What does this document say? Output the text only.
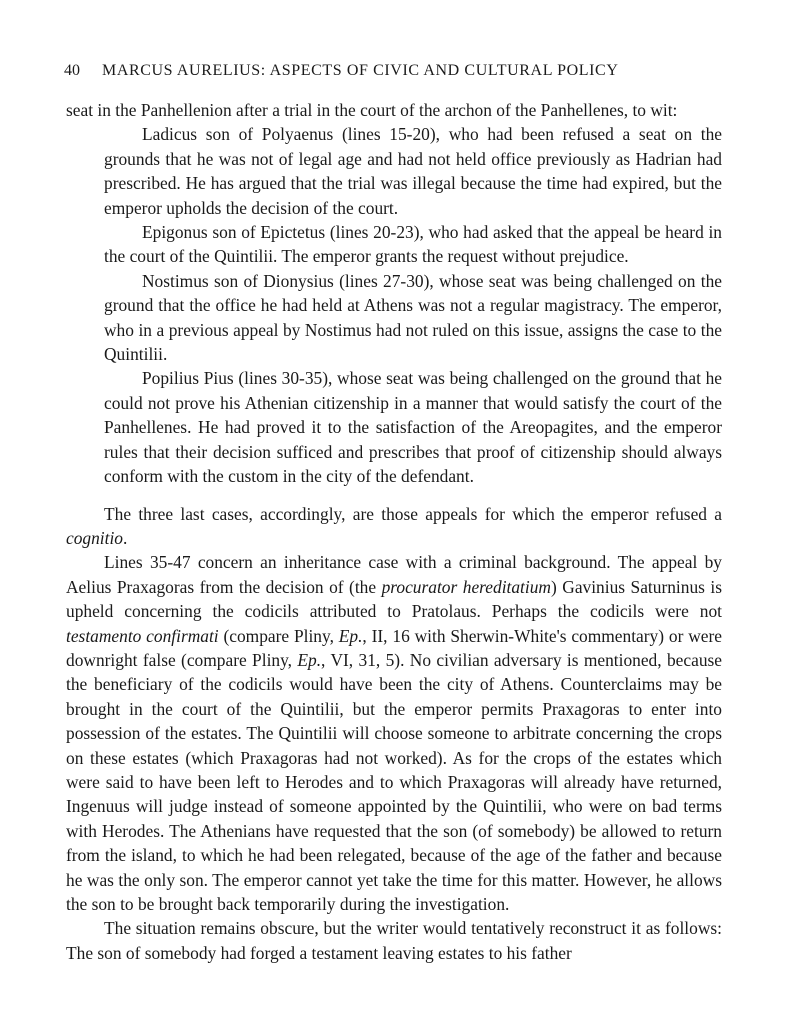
40 MARCUS AURELIUS: ASPECTS OF CIVIC AND CULTURAL POLICY

seat in the Panhellenion after a trial in the court of the archon of the Panhellenes, to wit:

Ladicus son of Polyaenus (lines 15-20), who had been refused a seat on the grounds that he was not of legal age and had not held office previously as Hadrian had prescribed. He has argued that the trial was illegal because the time had expired, but the emperor upholds the decision of the court.

Epigonus son of Epictetus (lines 20-23), who had asked that the appeal be heard in the court of the Quintilii. The emperor grants the request without prejudice.

Nostimus son of Dionysius (lines 27-30), whose seat was being challenged on the ground that the office he had held at Athens was not a regular magistracy. The emperor, who in a previous appeal by Nostimus had not ruled on this issue, assigns the case to the Quintilii.

Popilius Pius (lines 30-35), whose seat was being challenged on the ground that he could not prove his Athenian citizenship in a manner that would satisfy the court of the Panhellenes. He had proved it to the satisfaction of the Areopagites, and the emperor rules that their decision sufficed and prescribes that proof of citizenship should always conform with the custom in the city of the defendant.

The three last cases, accordingly, are those appeals for which the emperor refused a cognitio.

Lines 35-47 concern an inheritance case with a criminal background. The appeal by Aelius Praxagoras from the decision of (the procurator hereditatium) Gavinius Saturninus is upheld concerning the codicils attributed to Pratolaus. Perhaps the codicils were not testamento confirmati (compare Pliny, Ep., II, 16 with Sherwin-White's commentary) or were downright false (compare Pliny, Ep., VI, 31, 5). No civilian adversary is mentioned, because the beneficiary of the codicils would have been the city of Athens. Counterclaims may be brought in the court of the Quintilii, but the emperor permits Praxagoras to enter into possession of the estates. The Quintilii will choose someone to arbitrate concerning the crops on these estates (which Praxagoras had not worked). As for the crops of the estates which were said to have been left to Herodes and to which Praxagoras will already have returned, Ingenuus will judge instead of someone appointed by the Quintilii, who were on bad terms with Herodes. The Athenians have requested that the son (of somebody) be allowed to return from the island, to which he had been relegated, because of the age of the father and because he was the only son. The emperor cannot yet take the time for this matter. However, he allows the son to be brought back temporarily during the investigation.

The situation remains obscure, but the writer would tentatively reconstruct it as follows: The son of somebody had forged a testament leaving estates to his father
